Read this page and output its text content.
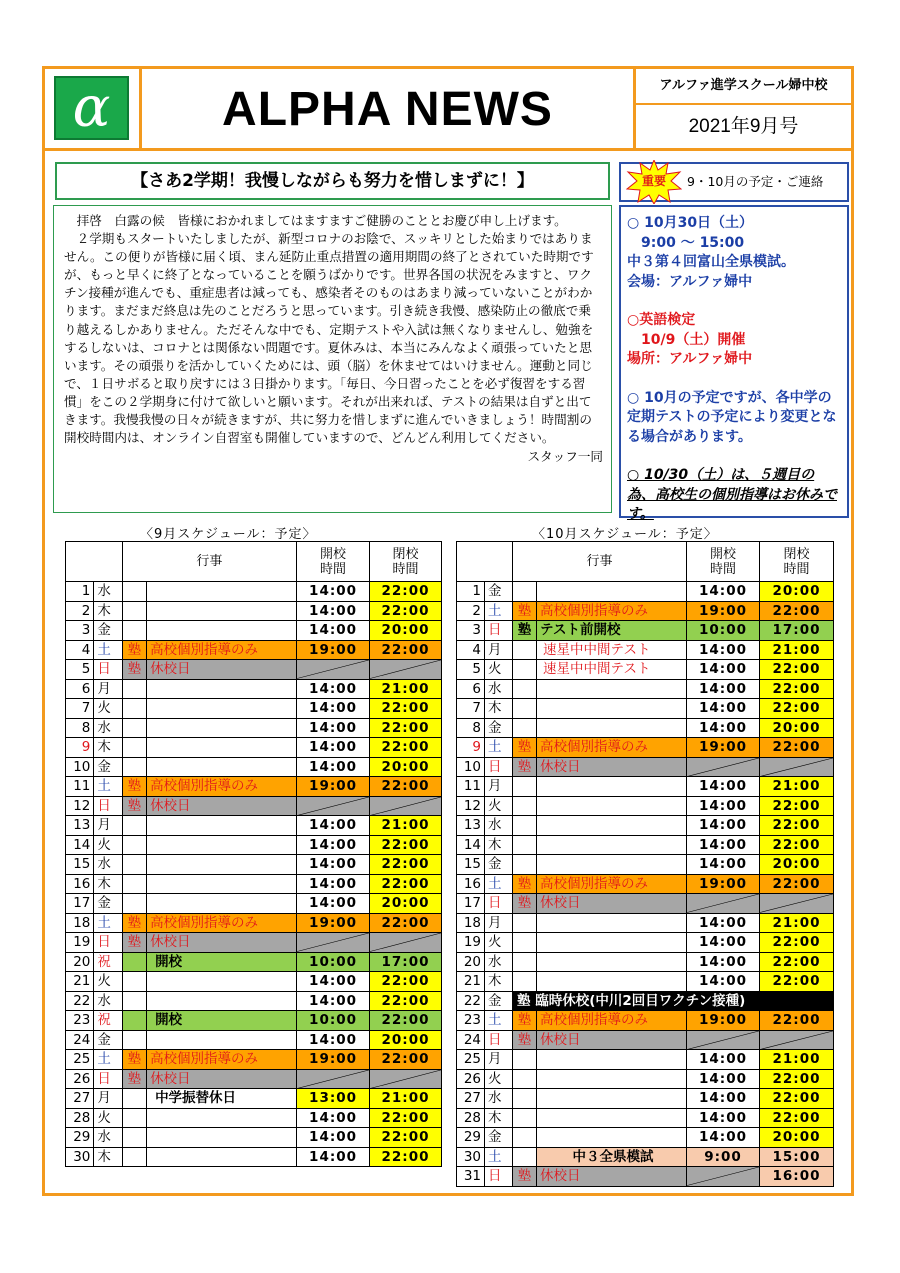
α	ALPHA NEWS	アルファ進学スクール婦中校
2021年9月号
【さあ2学期！我慢しながらも努力を惜しまずに！】

　拝啓　白露の候　皆様におかれましてはますますご健勝のこととお慶び申し上げます。

　２学期もスタートいたしましたが、新型コロナのお陰で、スッキリとした始まりではありません。この便りが皆様に届く頃、まん延防止重点措置の適用期間の終了とされていた時期ですが、もっと早くに終了となっていることを願うばかりです。世界各国の状況をみますと、ワクチン接種が進んでも、重症患者は減っても、感染者そのものはあまり減っていないことがわかります。まだまだ終息は先のことだろうと思っています。引き続き我慢、感染防止の徹底で乗り越えるしかありません。ただそんな中でも、定期テストや入試は無くなりませんし、勉強をするしないは、コロナとは関係ない問題です。夏休みは、本当にみんなよく頑張っていたと思います。その頑張りを活かしていくためには、頭（脳）を休ませてはいけません。運動と同じで、１日サボると取り戻すには３日掛かります。「毎日、今日習ったことを必ず復習をする習慣」をこの２学期身に付けて欲しいと願います。それが出来れば、テストの結果は自ずと出てきます。我慢我慢の日々が続きますが、共に努力を惜しまずに進んでいきましょう！時間割の開校時間内は、オンライン自習室も開催していますので、どんどん利用してください。

スタッフ一同

重要	9・10月の予定・ご連絡
○ 10月30日（土）
　9:00 ～ 15:00
中３第４回富山全県模試。
会場：アルファ婦中
○英語検定
　10/9（土）開催
場所：アルファ婦中
○ 10月の予定ですが、各中学の定期テストの予定により変更となる場合があります。
○ 10/30（土）は、５週目の為、高校生の個別指導はお休みです。
〈9月スケジュール：予定〉	〈10月スケジュール：予定〉
		行事		開校
時間	閉校
時間
1	水			14:00	22:00
2	木			14:00	22:00
3	金			14:00	20:00
4	土	塾	高校個別指導のみ	19:00	22:00
5	日	塾	休校日	

6	月			14:00	21:00
7	火			14:00	22:00
8	水			14:00	22:00
9	木			14:00	22:00
10	金			14:00	20:00
11	土	塾	高校個別指導のみ	19:00	22:00
12	日	塾	休校日	

13	月			14:00	21:00
14	火			14:00	22:00
15	水			14:00	22:00
16	木			14:00	22:00
17	金			14:00	20:00
18	土	塾	高校個別指導のみ	19:00	22:00
19	日	塾	休校日	

20	祝		開校	10:00	17:00
21	火			14:00	22:00
22	水			14:00	22:00
23	祝		開校	10:00	22:00
24	金			14:00	20:00
25	土	塾	高校個別指導のみ	19:00	22:00
26	日	塾	休校日	

27	月		中学振替休日	13:00	21:00
28	火			14:00	22:00
29	水			14:00	22:00
30	木			14:00	22:00
		行事		開校
時間	閉校
時間
1	金			14:00	20:00
2	土	塾	高校個別指導のみ	19:00	22:00
3	日	塾	テスト前開校	10:00	17:00
4	月		速星中中間テスト	14:00	21:00
5	火		速星中中間テスト	14:00	22:00
6	水			14:00	22:00
7	木			14:00	22:00
8	金			14:00	20:00
9	土	塾	高校個別指導のみ	19:00	22:00
10	日	塾	休校日	

11	月			14:00	21:00
12	火			14:00	22:00
13	水			14:00	22:00
14	木			14:00	22:00
15	金			14:00	20:00
16	土	塾	高校個別指導のみ	19:00	22:00
17	日	塾	休校日	

18	月			14:00	21:00
19	火			14:00	22:00
20	水			14:00	22:00
21	木			14:00	22:00
22	金	塾 臨時休校(中川2回目ワクチン接種)			
23	土	塾	高校個別指導のみ	19:00	22:00
24	日	塾	休校日	

25	月			14:00	21:00
26	火			14:00	22:00
27	水			14:00	22:00
28	木			14:00	22:00
29	金			14:00	20:00
30	土		中３全県模試	9:00	15:00
31	日	塾	休校日		16:00
